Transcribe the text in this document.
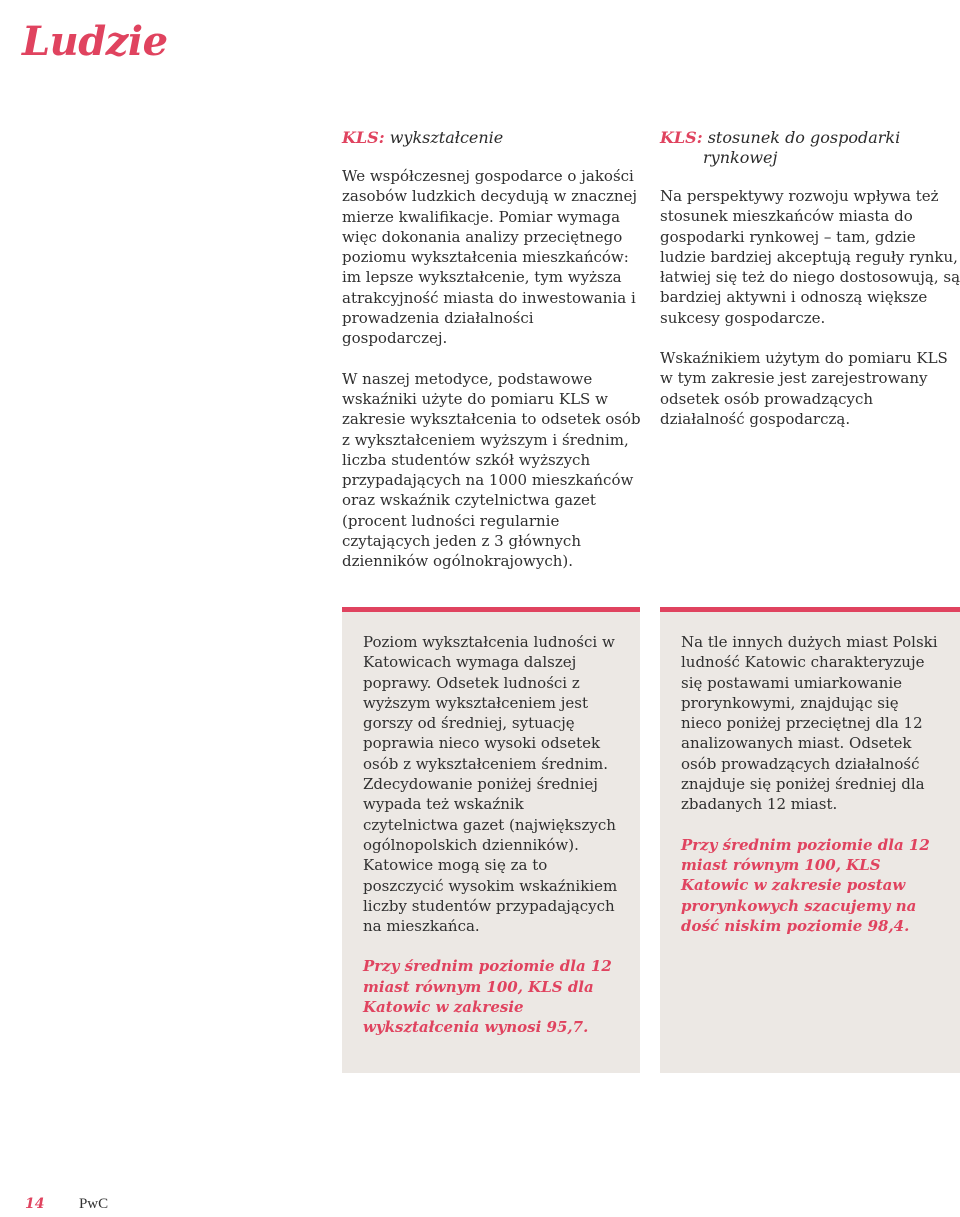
Ludzie
KLS: wykształcenie

We współczesnej gospodarce o jakości zasobów ludzkich decydują w znacznej mierze kwalifikacje. Pomiar wymaga więc dokonania analizy przeciętnego poziomu wykształcenia mieszkańców: im lepsze wykształcenie, tym wyższa atrakcyjność miasta do inwestowania i prowadzenia działalności gospodarczej.

W naszej metodyce, podstawowe wskaźniki użyte do pomiaru KLS w zakresie wykształcenia to odsetek osób z wykształceniem wyższym i średnim, liczba studentów szkół wyższych przypadających na 1000 mieszkańców oraz wskaźnik czytelnictwa gazet (procent ludności regularnie czytających jeden z 3 głównych dzienników ogólnokrajowych).

KLS: stosunek do gospodarki
rynkowej

Na perspektywy rozwoju wpływa też stosunek mieszkańców miasta do gospodarki rynkowej – tam, gdzie ludzie bardziej akceptują reguły rynku, łatwiej się też do niego dostosowują, są bardziej aktywni i odnoszą większe sukcesy gospodarcze.

Wskaźnikiem użytym do pomiaru KLS w tym zakresie jest zarejestrowany odsetek osób prowadzących działalność gospodarczą.

Poziom wykształcenia ludności w Katowicach wymaga dalszej poprawy. Odsetek ludności z wyższym wykształceniem jest gorszy od średniej, sytuację poprawia nieco wysoki odsetek osób z wykształceniem średnim. Zdecydowanie poniżej średniej wypada też wskaźnik czytelnictwa gazet (największych ogólnopolskich dzienników). Katowice mogą się za to poszczycić wysokim wskaźnikiem liczby studentów przypadających na mieszkańca.

Przy średnim poziomie dla 12 miast równym 100, KLS dla Katowic w zakresie wykształcenia wynosi 95,7.

Na tle innych dużych miast Polski ludność Katowic charakteryzuje się postawami umiarkowanie prorynkowymi, znajdując się nieco poniżej przeciętnej dla 12 analizowanych miast. Odsetek osób prowadzących działalność znajduje się poniżej średniej dla zbadanych 12 miast.

Przy średnim poziomie dla 12 miast równym 100, KLS Katowic w zakresie postaw prorynkowych szacujemy na dość niskim poziomie 98,4.

14 PwC
